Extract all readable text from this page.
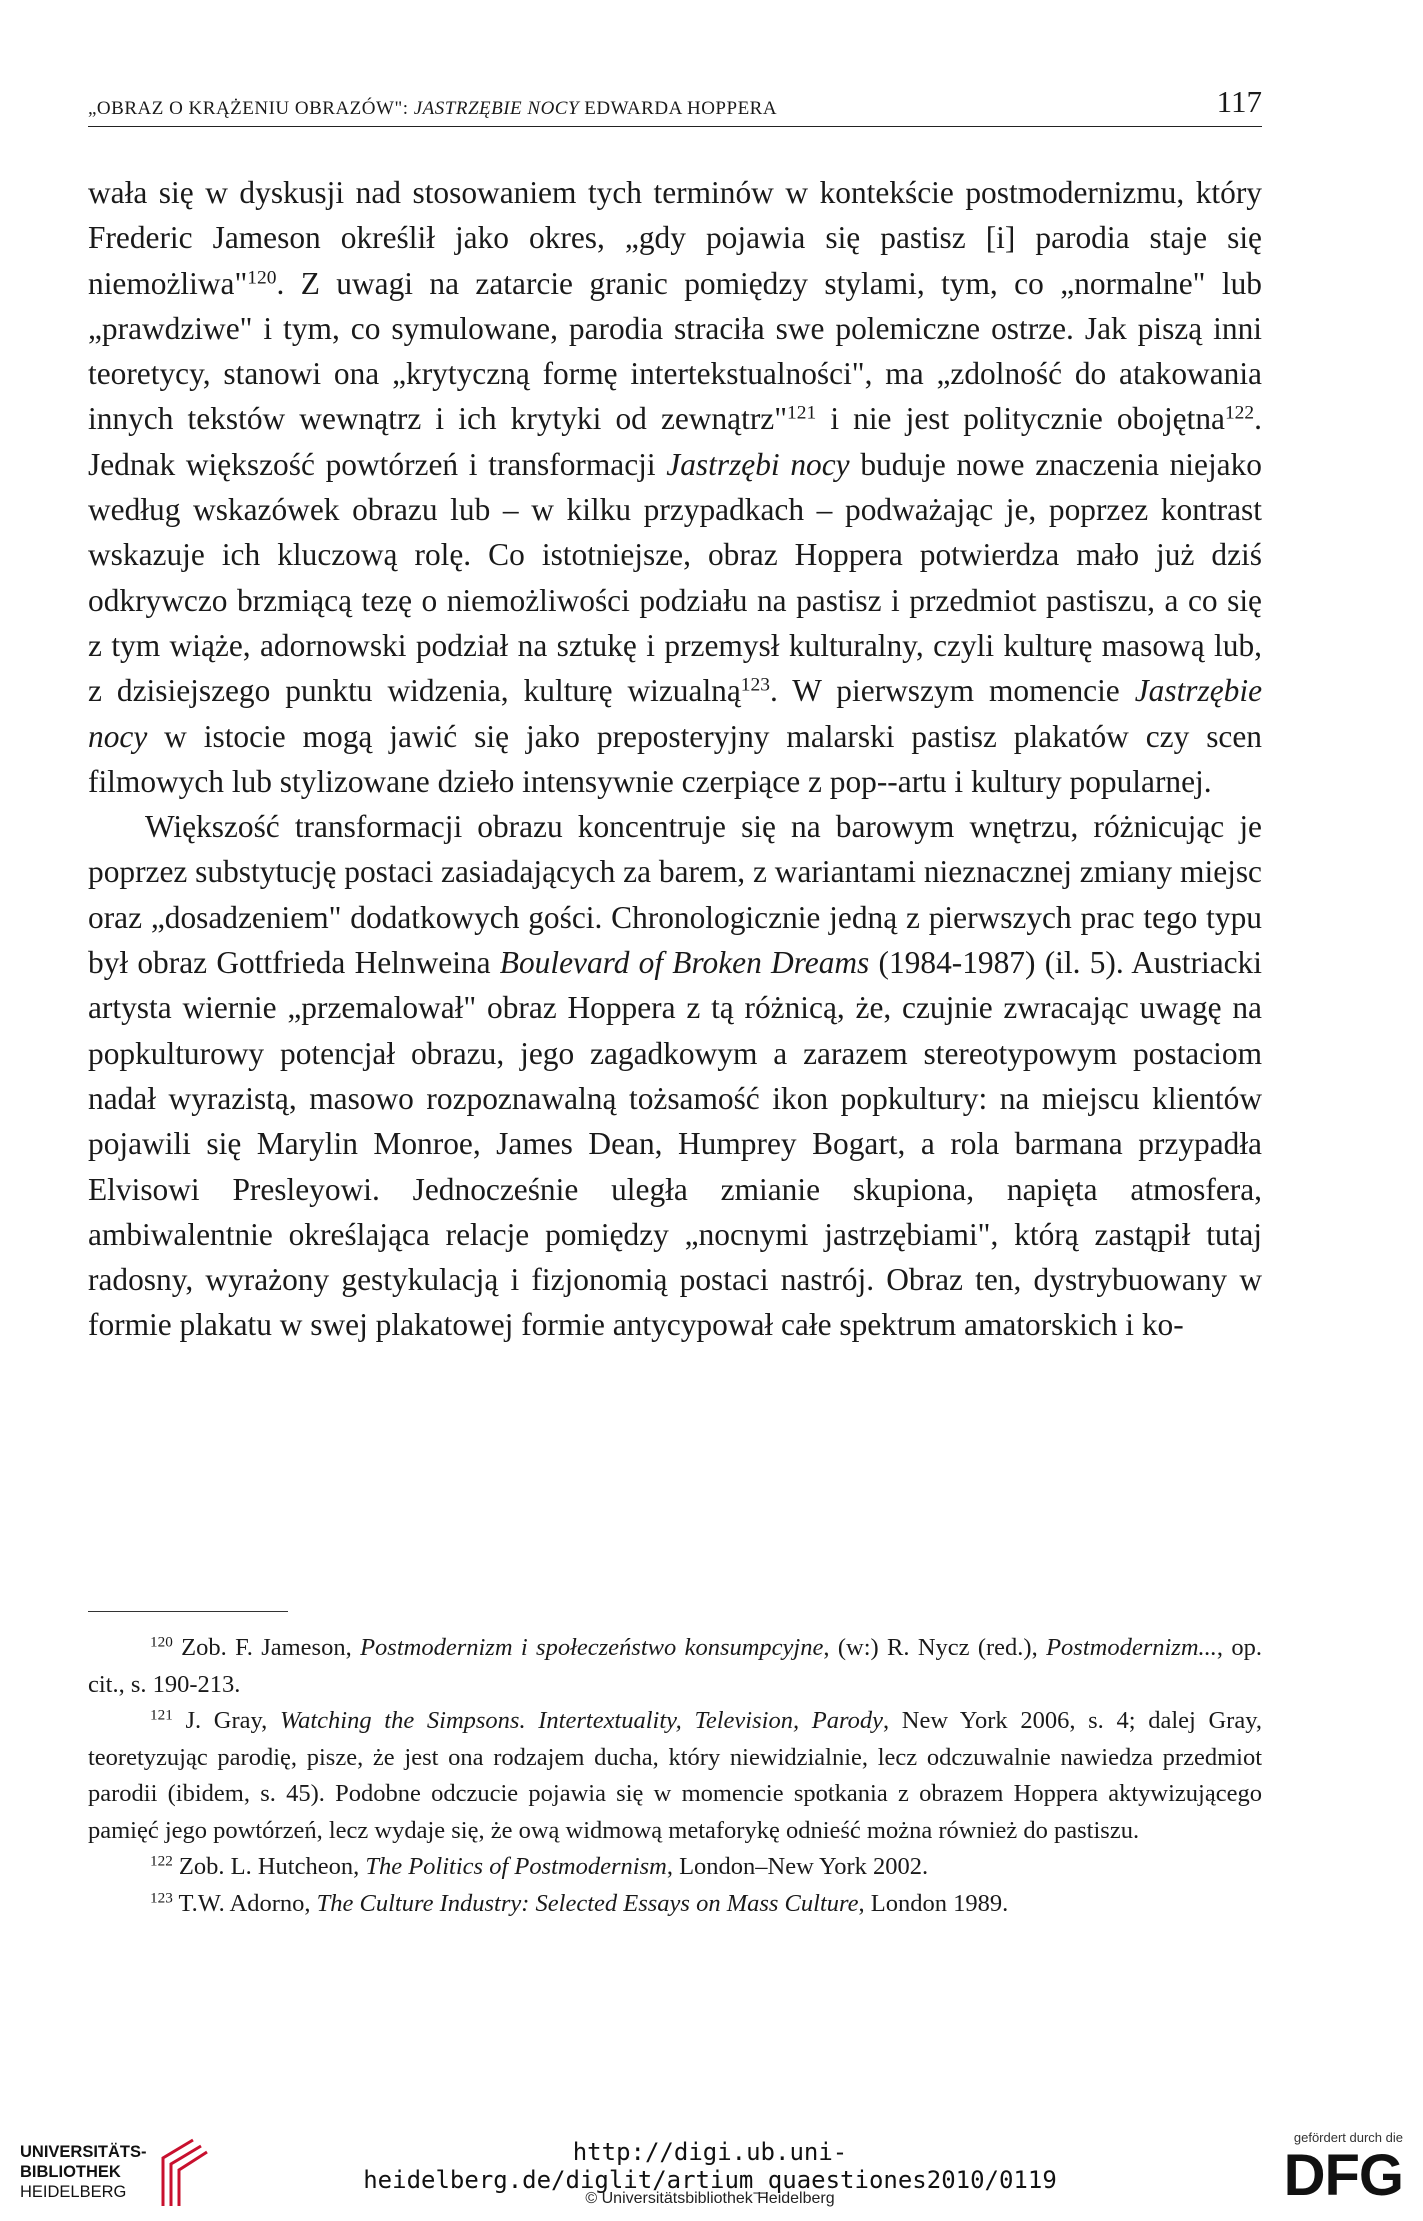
„OBRAZ O KRĄŻENIU OBRAZÓW": JASTRZĘBIE NOCY EDWARDA HOPPERA	117

wała się w dyskusji nad stosowaniem tych terminów w kontekście postmodernizmu, który Frederic Jameson określił jako okres, „gdy pojawia się pastisz [i] parodia staje się niemożliwa"$^{120}$. Z uwagi na zatarcie granic pomiędzy stylami, tym, co „normalne" lub „prawdziwe" i tym, co symulowane, parodia straciła swe polemiczne ostrze. Jak piszą inni teoretycy, stanowi ona „krytyczną formę intertekstualności", ma „zdolność do atakowania innych tekstów wewnątrz i ich krytyki od zewnątrz"$^{121}$ i nie jest politycznie obojętna$^{122}$. Jednak większość powtórzeń i transformacji Jastrzębi nocy buduje nowe znaczenia niejako według wskazówek obrazu lub – w kilku przypadkach – podważając je, poprzez kontrast wskazuje ich kluczową rolę. Co istotniejsze, obraz Hoppera potwierdza mało już dziś odkrywczo brzmiącą tezę o niemożliwości podziału na pastisz i przedmiot pastiszu, a co się z tym wiąże, adornowski podział na sztukę i przemysł kulturalny, czyli kulturę masową lub, z dzisiejszego punktu widzenia, kulturę wizualną$^{123}$. W pierwszym momencie Jastrzębie nocy w istocie mogą jawić się jako preposteryjny malarski pastisz plakatów czy scen filmowych lub stylizowane dzieło intensywnie czerpiące z pop--artu i kultury popularnej.

Większość transformacji obrazu koncentruje się na barowym wnętrzu, różnicując je poprzez substytucję postaci zasiadających za barem, z wariantami nieznacznej zmiany miejsc oraz „dosadzeniem" dodatkowych gości. Chronologicznie jedną z pierwszych prac tego typu był obraz Gottfrieda Helnweina Boulevard of Broken Dreams (1984-1987) (il. 5). Austriacki artysta wiernie „przemalował" obraz Hoppera z tą różnicą, że, czujnie zwracając uwagę na popkulturowy potencjał obrazu, jego zagadkowym a zarazem stereotypowym postaciom nadał wyrazistą, masowo rozpoznawalną tożsamość ikon popkultury: na miejscu klientów pojawili się Marylin Monroe, James Dean, Humprey Bogart, a rola barmana przypadła Elvisowi Presleyowi. Jednocześnie uległa zmianie skupiona, napięta atmosfera, ambiwalentnie określająca relacje pomiędzy „nocnymi jastrzębiami", którą zastąpił tutaj radosny, wyrażony gestykulacją i fizjonomią postaci nastrój. Obraz ten, dystrybuowany w formie plakatu w swej plakatowej formie antycypował całe spektrum amatorskich i ko-

$^{120}$ Zob. F. Jameson, Postmodernizm i społeczeństwo konsumpcyjne, (w:) R. Nycz (red.), Postmodernizm..., op. cit., s. 190-213.

$^{121}$ J. Gray, Watching the Simpsons. Intertextuality, Television, Parody, New York 2006, s. 4; dalej Gray, teoretyzując parodię, pisze, że jest ona rodzajem ducha, który niewidzialnie, lecz odczuwalnie nawiedza przedmiot parodii (ibidem, s. 45). Podobne odczucie pojawia się w momencie spotkania z obrazem Hoppera aktywizującego pamięć jego powtórzeń, lecz wydaje się, że ową widmową metaforykę odnieść można również do pastiszu.

$^{122}$ Zob. L. Hutcheon, The Politics of Postmodernism, London–New York 2002.

$^{123}$ T.W. Adorno, The Culture Industry: Selected Essays on Mass Culture, London 1989.

UNIVERSITÄTS-
BIBLIOTHEK
HEIDELBERG
http://digi.ub.uni-heidelberg.de/diglit/artium_quaestiones2010/0119
© Universitätsbibliothek Heidelberg
gefördert durch die
DFG
